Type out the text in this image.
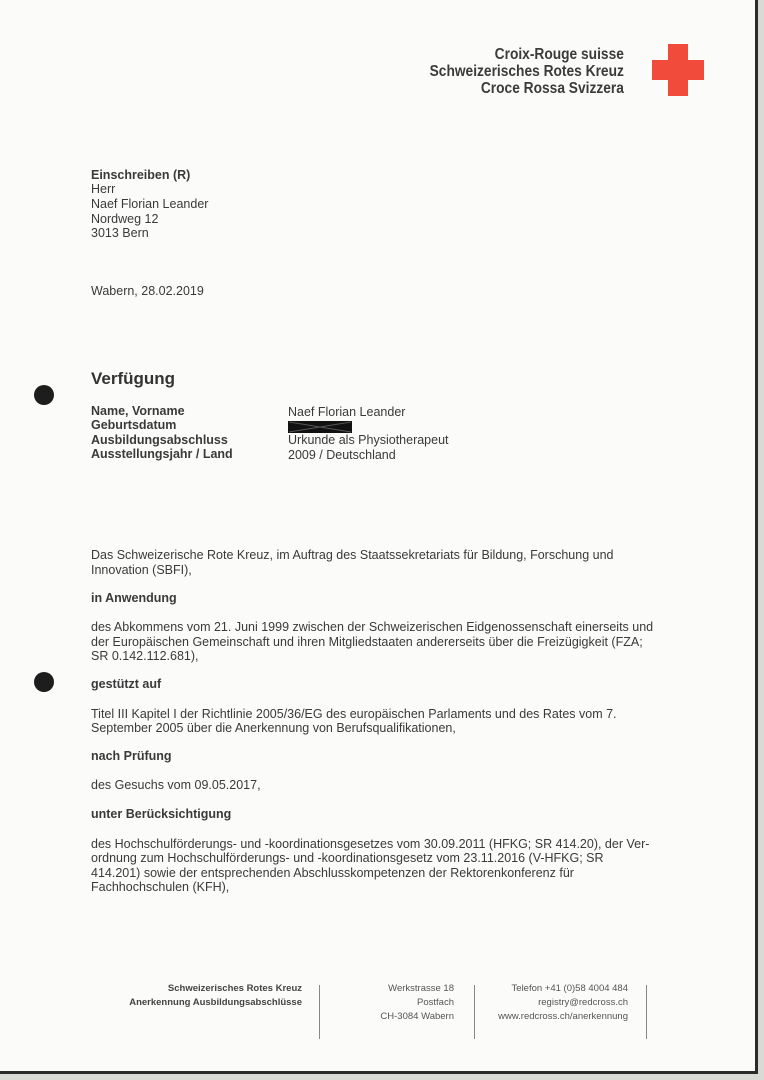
Croix-Rouge suisse
Schweizerisches Rotes Kreuz
Croce Rossa Svizzera
Einschreiben (R)
Herr
Naef Florian Leander
Nordweg 12
3013 Bern
Wabern, 28.02.2019
Verfügung
Name, Vorname
Geburtsdatum
Ausbildungsabschluss
Ausstellungsjahr / Land
Naef Florian Leander
Urkunde als Physiotherapeut
2009 / Deutschland
Das Schweizerische Rote Kreuz, im Auftrag des Staatssekretariats für Bildung, Forschung und
Innovation (SBFI),
in Anwendung
des Abkommens vom 21. Juni 1999 zwischen der Schweizerischen Eidgenossenschaft einerseits und
der Europäischen Gemeinschaft und ihren Mitgliedstaaten andererseits über die Freizügigkeit (FZA;
SR 0.142.112.681),
gestützt auf
Titel III Kapitel I der Richtlinie 2005/36/EG des europäischen Parlaments und des Rates vom 7.
September 2005 über die Anerkennung von Berufsqualifikationen,
nach Prüfung
des Gesuchs vom 09.05.2017,
unter Berücksichtigung
des Hochschulförderungs- und -koordinationsgesetzes vom 30.09.2011 (HFKG; SR 414.20), der Ver-
ordnung zum Hochschulförderungs- und -koordinationsgesetz vom 23.11.2016 (V-HFKG; SR
414.201) sowie der entsprechenden Abschlusskompetenzen der Rektorenkonferenz für
Fachhochschulen (KFH),
Schweizerisches Rotes Kreuz
Anerkennung Ausbildungsabschlüsse
Werkstrasse 18
Postfach
CH-3084 Wabern
Telefon +41 (0)58 4004 484
registry@redcross.ch
www.redcross.ch/anerkennung
